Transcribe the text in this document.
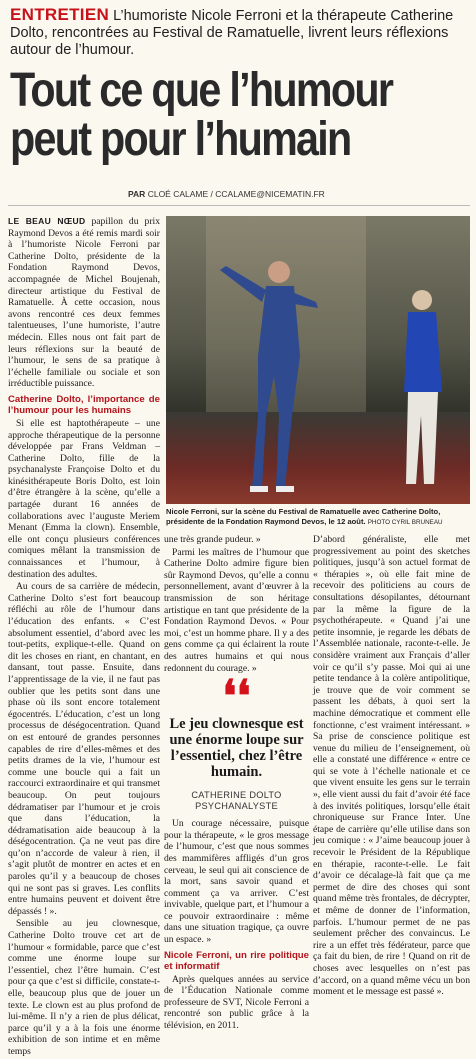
ENTRETIEN L’humoriste Nicole Ferroni et la thérapeute Catherine Dolto, rencontrées au Festival de Ramatuelle, livrent leurs réflexions autour de l’humour.
Tout ce que l’humour
peut pour l’humain
PAR CLOÉ CALAME / CCALAME@NICEMATIN.FR

LE BEAU NŒUD papillon du prix Raymond Devos a été remis mardi soir à l’humoriste Nicole Ferroni par Catherine Dolto, présidente de la Fondation Raymond Devos, accompagnée de Michel Boujenah, directeur artistique du Festival de Ramatuelle. À cette occasion, nous avons rencontré ces deux femmes talentueuses, l’une humoriste, l’autre médecin. Elles nous ont fait part de leurs réflexions sur la beauté de l’humour, le sens de sa pratique à l’échelle familiale ou sociale et son irréductible puissance.

Catherine Dolto, l’importance de l’humour pour les humains

Si elle est haptothérapeute – une approche thérapeutique de la personne développée par Frans Veldman – Catherine Dolto, fille de la psychanalyste Françoise Dolto et du kinésithérapeute Boris Dolto, est loin d’être étrangère à la scène, qu’elle a partagée durant 16 années de collaborations avec l’auguste Meriem Menant (Emma la clown). Ensemble, elle ont conçu plusieurs conférences comiques mêlant la transmission de connaissances et l’humour, à destination des adultes.

Au cours de sa carrière de médecin, Catherine Dolto s’est fort beaucoup réfléchi au rôle de l’humour dans l’éducation des enfants. « C’est absolument essentiel, d’abord avec les tout-petits, explique-t-elle. Quand on dit les choses en riant, en chantant, en dansant, tout passe. Ensuite, dans l’apprentissage de la vie, il ne faut pas oublier que les petits sont dans une phase où ils sont encore totalement égocentrés. L’éducation, c’est un long processus de déségocentration. Quand on est entouré de grandes personnes capables de rire d’elles-mêmes et des petits drames de la vie, l’humour est comme une boucle qui a fait un raccourci extraordinaire et qui transmet beaucoup. On peut toujours dédramatiser par l’humour et je crois que dans l’éducation, la dédramatisation aide beaucoup à la déségocentration. Ça ne veut pas dire qu’on n’accorde de valeur à rien, il s’agit plutôt de montrer en actes et en paroles qu’il y a beaucoup de choses qui ne sont pas si graves. Les conflits entre humains peuvent et doivent être dépassés ! ».

Sensible au jeu clownesque, Catherine Dolto trouve cet art de l’humour « formidable, parce que c’est comme une énorme loupe sur l’essentiel, chez l’être humain. C’est pour ça que c’est si difficile, constate-t-elle, beaucoup plus que de jouer un texte. Le clown est au plus profond de lui-même. Il n’y a rien de plus délicat, parce qu’il y a à la fois une énorme exhibition de son intime et en même temps

Nicole Ferroni, sur la scène du Festival de Ramatuelle avec Catherine Dolto, présidente de la Fondation Raymond Devos, le 12 août. PHOTO CYRIL BRUNEAU

une très grande pudeur. »

Parmi les maîtres de l’humour que Catherine Dolto admire figure bien sûr Raymond Devos, qu’elle a connu personnellement, avant d’œuvrer à la transmission de son héritage artistique en tant que présidente de la Fondation Raymond Devos. « Pour moi, c’est un homme phare. Il y a des gens comme ça qui éclairent la route des autres humains et qui nous redonnent du courage. »

❛❛
Le jeu clownesque est une énorme loupe sur l’essentiel, chez l’être humain.
CATHERINE DOLTO
PSYCHANALYSTE

Un courage nécessaire, puisque pour la thérapeute, « le gros message de l’humour, c’est que nous sommes des mammifères affligés d’un gros cerveau, le seul qui ait conscience de la mort, sans savoir quand et comment ça va arriver. C’est invivable, quelque part, et l’humour a ce pouvoir extraordinaire : même dans une situation tragique, ça ouvre un espace. »

Nicole Ferroni, un rire politique et informatif

Après quelques années au service de l’Éducation Nationale comme professeure de SVT, Nicole Ferroni a rencontré son public grâce à la télévision, en 2011.

D’abord généraliste, elle met progressivement au point des sketches politiques, jusqu’à son actuel format de « thérapies », où elle fait mine de recevoir des politiciens au cours de consultations désopilantes, détournant par la même la figure de la psychothérapeute. « Quand j’ai une petite insomnie, je regarde les débats de l’Assemblée nationale, raconte-t-elle. Je considère vraiment aux Français d’aller voir ce qu’il s’y passe. Moi qui ai une petite tendance à la colère antipolitique, je trouve que de voir comment se passent les débats, à quoi sert la machine démocratique et comment elle fonctionne, c’est vraiment intéressant. » Sa prise de conscience politique est venue du milieu de l’enseignement, où elle a constaté une différence « entre ce qui se vote à l’échelle nationale et ce que vivent ensuite les gens sur le terrain », elle vient aussi du fait d’avoir été face à des invités politiques, lorsqu’elle était chroniqueuse sur France Inter. Une étape de carrière qu’elle utilise dans son jeu comique : « J’aime beaucoup jouer à recevoir le Président de la République en thérapie, raconte-t-elle. Le fait d’avoir ce décalage-là fait que ça me permet de dire des choses qui sont quand même très frontales, de décrypter, et même de donner de l’information, parfois. L’humour permet de ne pas seulement prêcher des convaincus. Le rire a un effet très fédérateur, parce que ça fait du bien, de rire ! Quand on rit de choses avec lesquelles on n’est pas d’accord, on a quand même vécu un bon moment et le message est passé ».
